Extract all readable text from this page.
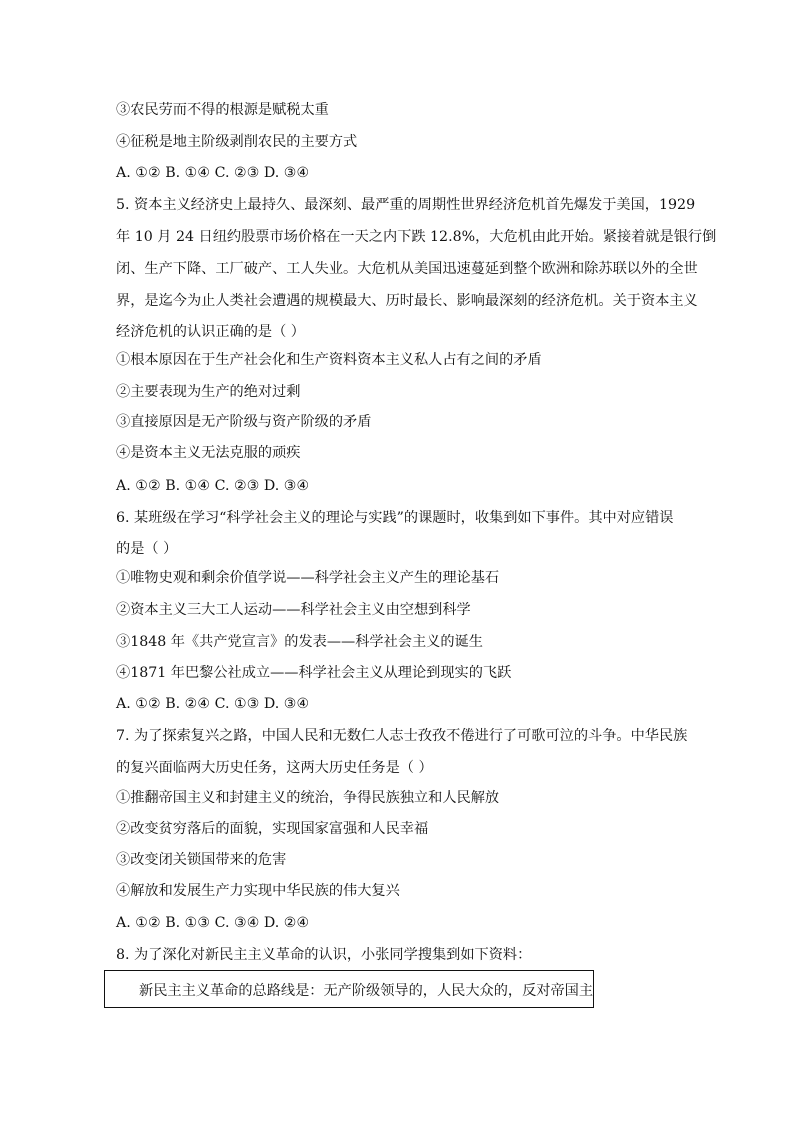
③农民劳而不得的根源是赋税太重
④征税是地主阶级剥削农民的主要方式
A. ①② B. ①④ C. ②③ D. ③④
5. 资本主义经济史上最持久、最深刻、最严重的周期性世界经济危机首先爆发于美国，1929
年 10 月 24 日纽约股票市场价格在一天之内下跌 12.8%，大危机由此开始。紧接着就是银行倒
闭、生产下降、工厂破产、工人失业。大危机从美国迅速蔓延到整个欧洲和除苏联以外的全世
界，是迄今为止人类社会遭遇的规模最大、历时最长、影响最深刻的经济危机。关于资本主义
经济危机的认识正确的是（ ）
①根本原因在于生产社会化和生产资料资本主义私人占有之间的矛盾
②主要表现为生产的绝对过剩
③直接原因是无产阶级与资产阶级的矛盾
④是资本主义无法克服的顽疾
A. ①② B. ①④ C. ②③ D. ③④
6. 某班级在学习“科学社会主义的理论与实践”的课题时，收集到如下事件。其中对应错误
的是（ ）
①唯物史观和剩余价值学说——科学社会主义产生的理论基石
②资本主义三大工人运动——科学社会主义由空想到科学
③1848 年《共产党宣言》的发表——科学社会主义的诞生
④1871 年巴黎公社成立——科学社会主义从理论到现实的飞跃
A. ①② B. ②④ C. ①③ D. ③④
7. 为了探索复兴之路，中国人民和无数仁人志士孜孜不倦进行了可歌可泣的斗争。中华民族
的复兴面临两大历史任务，这两大历史任务是（ ）
①推翻帝国主义和封建主义的统治，争得民族独立和人民解放
②改变贫穷落后的面貌，实现国家富强和人民幸福
③改变闭关锁国带来的危害
④解放和发展生产力实现中华民族的伟大复兴
A. ①② B. ①③ C. ③④ D. ②④
8. 为了深化对新民主主义革命的认识，小张同学搜集到如下资料：
新民主主义革命的总路线是：无产阶级领导的，人民大众的，反对帝国主
